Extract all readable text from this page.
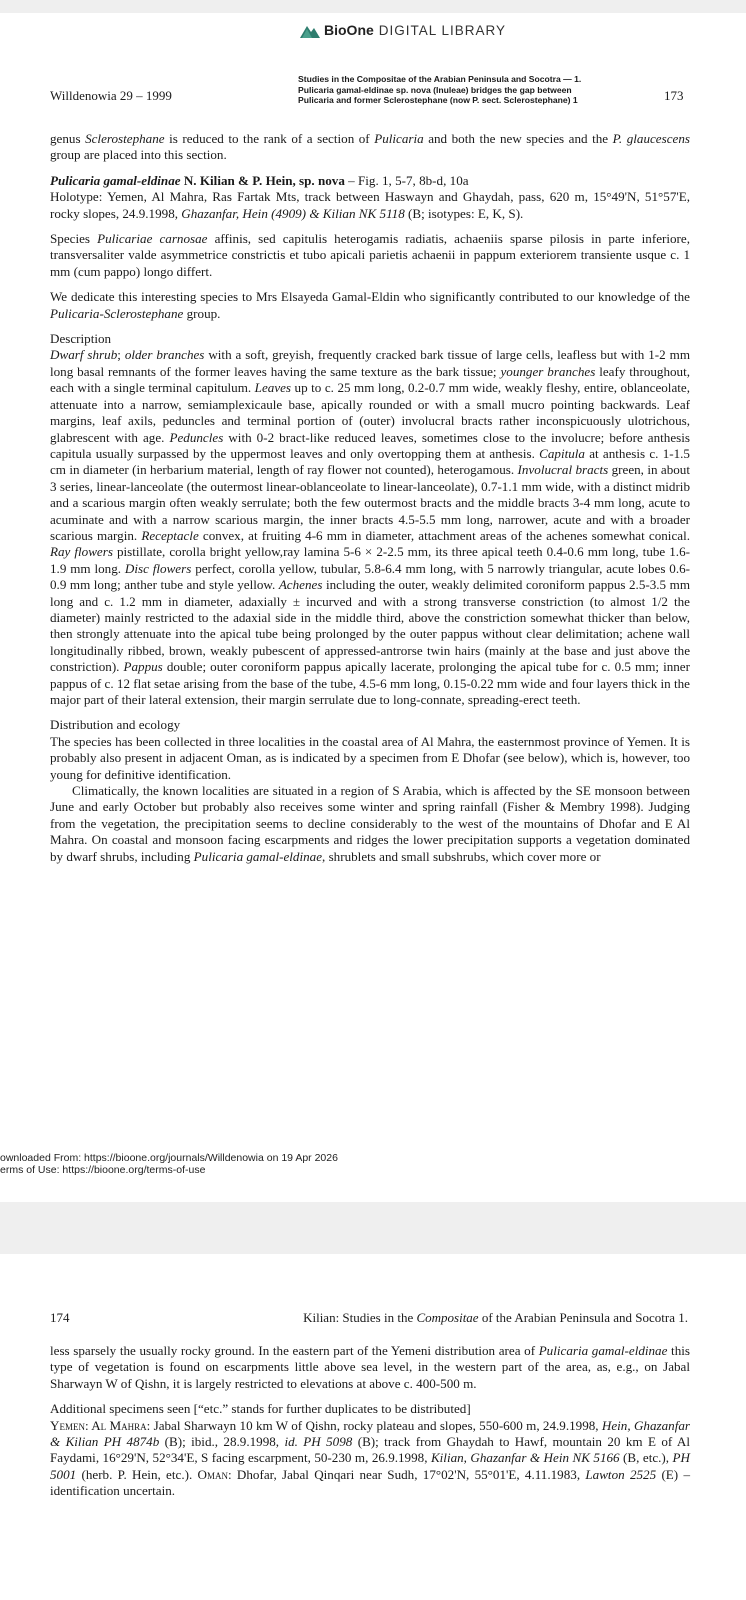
BioOne DIGITAL LIBRARY
Willdenowia 29 – 1999
Studies in the Compositae of the Arabian Peninsula and Socotra — 1. Pulicaria gamal-eldinae sp. nova (Inuleae) bridges the gap between Pulicaria and former Sclerostephane (now P. sect. Sclerostephane) 1	173

genus Sclerostephane is reduced to the rank of a section of Pulicaria and both the new species and the P. glaucescens group are placed into this section.

Pulicaria gamal-eldinae N. Kilian & P. Hein, sp. nova – Fig. 1, 5-7, 8b-d, 10a
Holotype: Yemen, Al Mahra, Ras Fartak Mts, track between Haswayn and Ghaydah, pass, 620 m, 15°49'N, 51°57'E, rocky slopes, 24.9.1998, Ghazanfar, Hein (4909) & Kilian NK 5118 (B; isotypes: E, K, S).

Species Pulicariae carnosae affinis, sed capitulis heterogamis radiatis, achaeniis sparse pilosis in parte inferiore, transversaliter valde asymmetrice constrictis et tubo apicali parietis achaenii in pappum exteriorem transiente usque c. 1 mm (cum pappo) longo differt.

We dedicate this interesting species to Mrs Elsayeda Gamal-Eldin who significantly contributed to our knowledge of the Pulicaria-Sclerostephane group.

Description
Dwarf shrub; older branches with a soft, greyish, frequently cracked bark tissue of large cells, leafless but with 1-2 mm long basal remnants of the former leaves having the same texture as the bark tissue; younger branches leafy throughout, each with a single terminal capitulum. Leaves up to c. 25 mm long, 0.2-0.7 mm wide, weakly fleshy, entire, oblanceolate, attenuate into a narrow, semiamplexicaule base, apically rounded or with a small mucro pointing backwards. Leaf margins, leaf axils, peduncles and terminal portion of (outer) involucral bracts rather inconspicuously ulotrichous, glabrescent with age. Peduncles with 0-2 bract-like reduced leaves, sometimes close to the involucre; before anthesis capitula usually surpassed by the uppermost leaves and only overtopping them at anthesis. Capitula at anthesis c. 1-1.5 cm in diameter (in herbarium material, length of ray flower not counted), heterogamous. Involucral bracts green, in about 3 series, linear-lanceolate (the outermost linear-oblanceolate to linear-lanceolate), 0.7-1.1 mm wide, with a distinct midrib and a scarious margin often weakly serrulate; both the few outermost bracts and the middle bracts 3-4 mm long, acute to acuminate and with a narrow scarious margin, the inner bracts 4.5-5.5 mm long, narrower, acute and with a broader scarious margin. Receptacle convex, at fruiting 4-6 mm in diameter, attachment areas of the achenes somewhat conical. Ray flowers pistillate, corolla bright yellow,ray lamina 5-6 × 2-2.5 mm, its three apical teeth 0.4-0.6 mm long, tube 1.6-1.9 mm long. Disc flowers perfect, corolla yellow, tubular, 5.8-6.4 mm long, with 5 narrowly triangular, acute lobes 0.6-0.9 mm long; anther tube and style yellow. Achenes including the outer, weakly delimited coroniform pappus 2.5-3.5 mm long and c. 1.2 mm in diameter, adaxially ± incurved and with a strong transverse constriction (to almost 1/2 the diameter) mainly restricted to the adaxial side in the middle third, above the constriction somewhat thicker than below, then strongly attenuate into the apical tube being prolonged by the outer pappus without clear delimitation; achene wall longitudinally ribbed, brown, weakly pubescent of appressed-antrorse twin hairs (mainly at the base and just above the constriction). Pappus double; outer coroniform pappus apically lacerate, prolonging the apical tube for c. 0.5 mm; inner pappus of c. 12 flat setae arising from the base of the tube, 4.5-6 mm long, 0.15-0.22 mm wide and four layers thick in the major part of their lateral extension, their margin serrulate due to long-connate, spreading-erect teeth.

Distribution and ecology
The species has been collected in three localities in the coastal area of Al Mahra, the easternmost province of Yemen. It is probably also present in adjacent Oman, as is indicated by a specimen from E Dhofar (see below), which is, however, too young for definitive identification.

Climatically, the known localities are situated in a region of S Arabia, which is affected by the SE monsoon between June and early October but probably also receives some winter and spring rainfall (Fisher & Membry 1998). Judging from the vegetation, the precipitation seems to decline considerably to the west of the mountains of Dhofar and E Al Mahra. On coastal and monsoon facing escarpments and ridges the lower precipitation supports a vegetation dominated by dwarf shrubs, including Pulicaria gamal-eldinae, shrublets and small subshrubs, which cover more or

ownloaded From: https://bioone.org/journals/Willdenowia on 19 Apr 2026
erms of Use: https://bioone.org/terms-of-use
174	Kilian: Studies in the Compositae of the Arabian Peninsula and Socotra 1.

less sparsely the usually rocky ground. In the eastern part of the Yemeni distribution area of Pulicaria gamal-eldinae this type of vegetation is found on escarpments little above sea level, in the western part of the area, as, e.g., on Jabal Sharwayn W of Qishn, it is largely restricted to elevations at above c. 400-500 m.

Additional specimens seen [“etc.” stands for further duplicates to be distributed]
Yemen: Al Mahra: Jabal Sharwayn 10 km W of Qishn, rocky plateau and slopes, 550-600 m, 24.9.1998, Hein, Ghazanfar & Kilian PH 4874b (B); ibid., 28.9.1998, id. PH 5098 (B); track from Ghaydah to Hawf, mountain 20 km E of Al Faydami, 16°29'N, 52°34'E, S facing escarpment, 50-230 m, 26.9.1998, Kilian, Ghazanfar & Hein NK 5166 (B, etc.), PH 5001 (herb. P. Hein, etc.). Oman: Dhofar, Jabal Qinqari near Sudh, 17°02'N, 55°01'E, 4.11.1983, Lawton 2525 (E) – identification uncertain.
